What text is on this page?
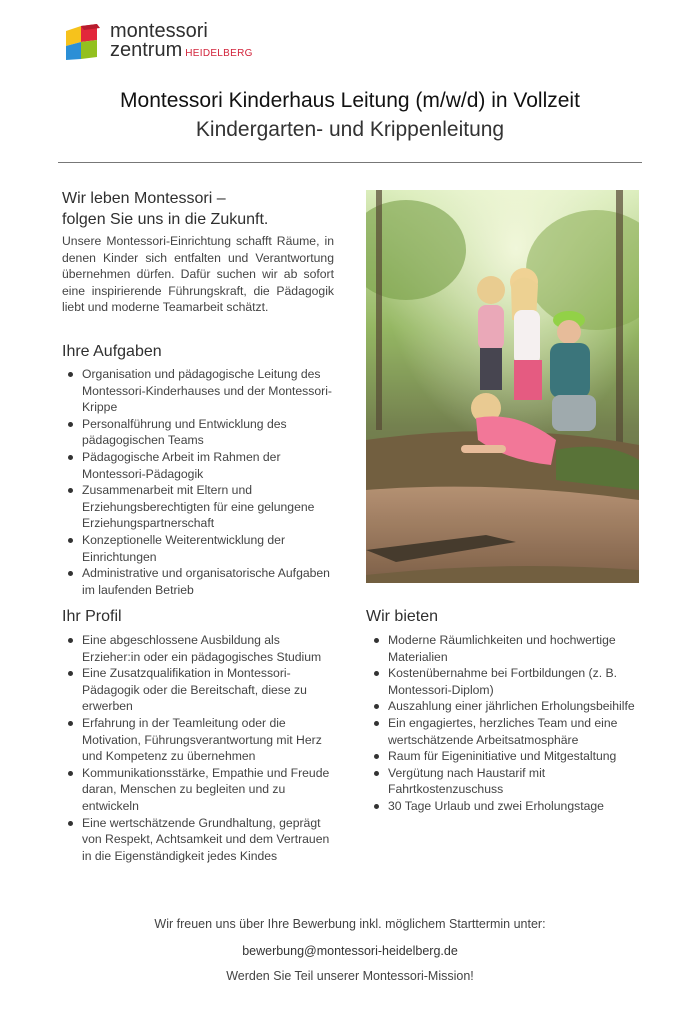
montessori
zentrum HEIDELBERG
Montessori Kinderhaus Leitung (m/w/d) in Vollzeit
Kindergarten- und Krippenleitung
Wir leben Montessori –
folgen Sie uns in die Zukunft.

Unsere Montessori-Einrichtung schafft Räume, in denen Kinder sich entfalten und Verantwortung übernehmen dürfen. Dafür suchen wir ab sofort eine inspirierende Führungskraft, die Pädagogik liebt und moderne Teamarbeit schätzt.

Ihre Aufgaben
Organisation und pädagogische Leitung des Montessori-Kinderhauses und der Montessori-Krippe
Personalführung und Entwicklung des pädagogischen Teams
Pädagogische Arbeit im Rahmen der Montessori-Pädagogik
Zusammenarbeit mit Eltern und Erziehungsberechtigten für eine gelungene Erziehungspartnerschaft
Konzeptionelle Weiterentwicklung der Einrichtungen
Administrative und organisatorische Aufgaben im laufenden Betrieb
Ihr Profil
Eine abgeschlossene Ausbildung als Erzieher:in oder ein pädagogisches Studium
Eine Zusatzqualifikation in Montessori-Pädagogik oder die Bereitschaft, diese zu erwerben
Erfahrung in der Teamleitung oder die Motivation, Führungsverantwortung mit Herz und Kompetenz zu übernehmen
Kommunikationsstärke, Empathie und Freude daran, Menschen zu begleiten und zu entwickeln
Eine wertschätzende Grundhaltung, geprägt von Respekt, Achtsamkeit und dem Vertrauen in die Eigenständigkeit jedes Kindes
Wir bieten
Moderne Räumlichkeiten und hochwertige Materialien
Kostenübernahme bei Fortbildungen (z. B. Montessori-Diplom)
Auszahlung einer jährlichen Erholungsbeihilfe
Ein engagiertes, herzliches Team und eine wertschätzende Arbeitsatmosphäre
Raum für Eigeninitiative und Mitgestaltung
Vergütung nach Haustarif mit Fahrtkostenzuschuss
30 Tage Urlaub und zwei Erholungstage
Wir freuen uns über Ihre Bewerbung inkl. möglichem Starttermin unter:
bewerbung@montessori-heidelberg.de
Werden Sie Teil unserer Montessori-Mission!
